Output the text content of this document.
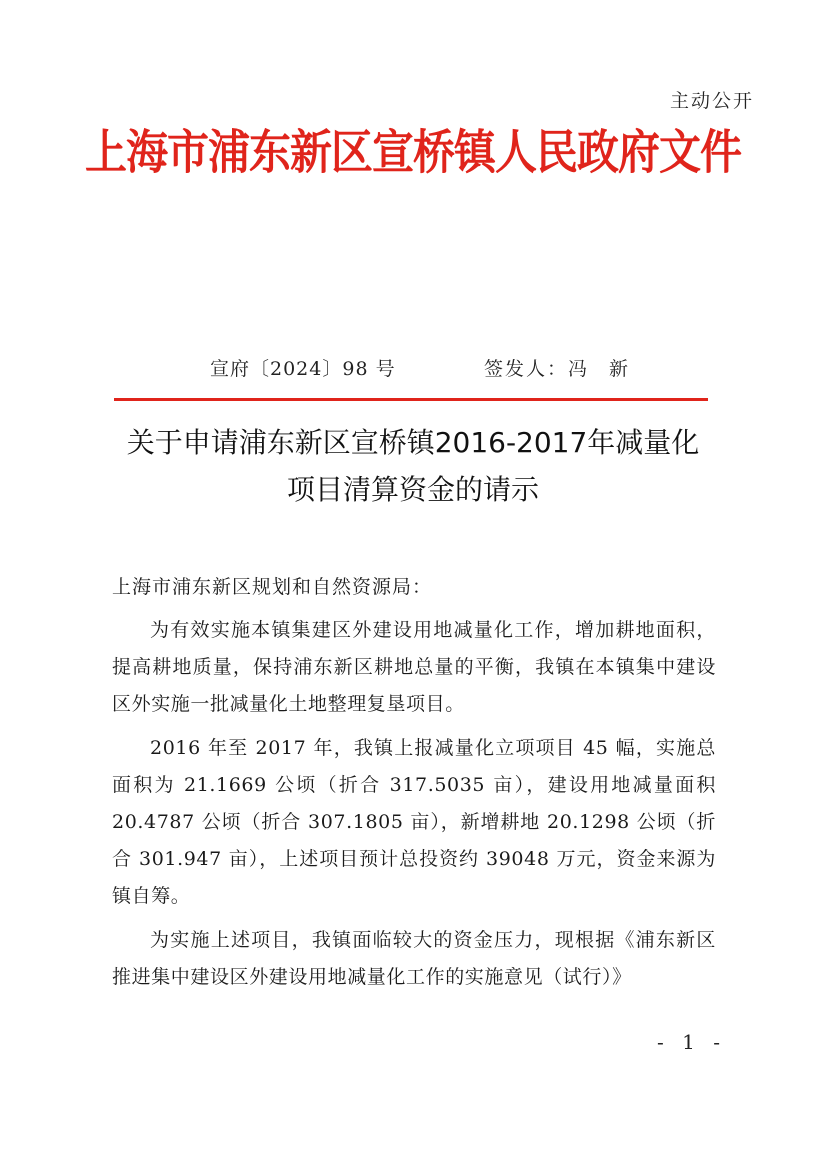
主动公开
上海市浦东新区宣桥镇人民政府文件
宣府〔2024〕98 号	签发人：冯 新
关于申请浦东新区宣桥镇2016-2017年减量化
项目清算资金的请示
上海市浦东新区规划和自然资源局：

为有效实施本镇集建区外建设用地减量化工作，增加耕地面积，提高耕地质量，保持浦东新区耕地总量的平衡，我镇在本镇集中建设区外实施一批减量化土地整理复垦项目。

2016 年至 2017 年，我镇上报减量化立项项目 45 幅，实施总面积为 21.1669 公顷（折合 317.5035 亩），建设用地减量面积 20.4787 公顷（折合 307.1805 亩），新增耕地 20.1298 公顷（折合 301.947 亩），上述项目预计总投资约 39048 万元，资金来源为镇自筹。

为实施上述项目，我镇面临较大的资金压力，现根据《浦东新区推进集中建设区外建设用地减量化工作的实施意见（试行）》

- 1 -
